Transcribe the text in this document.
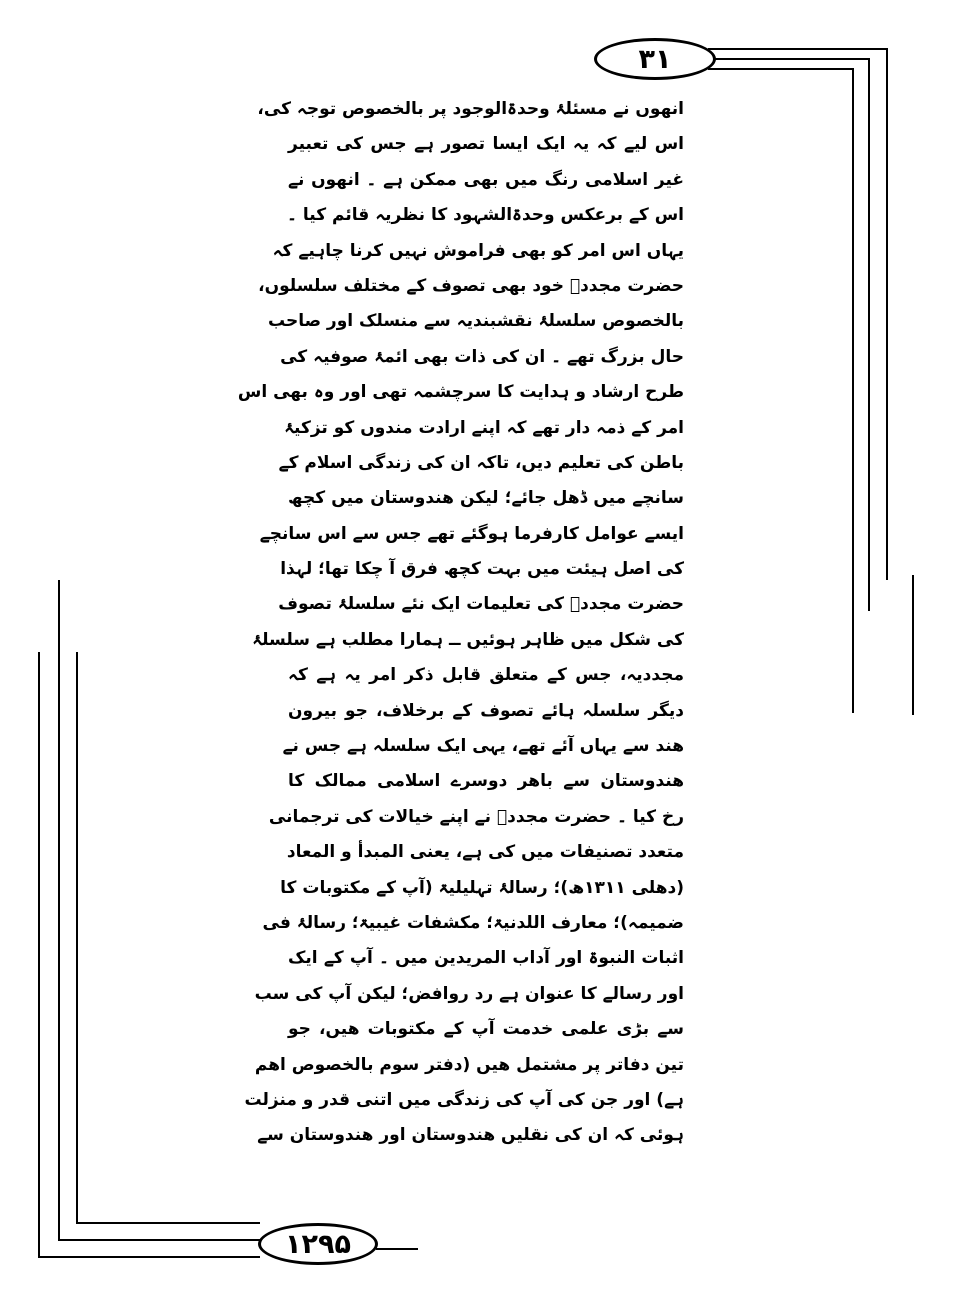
۳۱
۱۲۹۵
انھوں نے مسئلۂ وحدۃالوجود پر بالخصوص توجہ کی،
اس لیے کہ یہ ایک ایسا تصور ہے جس کی تعبیر
غیر اسلامی رنگ میں بھی ممکن ہے ۔ انھوں نے
اس کے برعکس وحدۃالشہود کا نظریہ قائم کیا ۔
یہاں اس امر کو بھی فراموش نہیں کرنا چاہیے کہ
حضرت مجددؒ خود بھی تصوف کے مختلف سلسلوں،
بالخصوص سلسلۂ نقشبندیہ سے منسلک اور صاحب
حال بزرگ تھے ۔ ان کی ذات بھی ائمۂ صوفیہ کی
طرح ارشاد و ہدایت کا سرچشمہ تھی اور وہ بھی اس
امر کے ذمہ دار تھے کہ اپنے ارادت مندوں کو تزکیۂ
باطن کی تعلیم دیں، تاکہ ان کی زندگی اسلام کے
سانچے میں ڈھل جائے؛ لیکن ھندوستان میں کچھ
ایسے عوامل کارفرما ہوگئے تھے جس سے اس سانچے
کی اصل ہیئت میں بہت کچھ فرق آ چکا تھا؛ لہذا
حضرت مجددؒ کی تعلیمات ایک نئے سلسلۂ تصوف
کی شکل میں ظاہر ہوئیں ــ ہمارا مطلب ہے سلسلۂ
مجددیہ، جس کے متعلق قابل ذکر امر یہ ہے کہ
دیگر سلسلہ ہائے تصوف کے برخلاف، جو بیرون
ھند سے یہاں آئے تھے، یہی ایک سلسلہ ہے جس نے
ھندوستان سے باھر دوسرے اسلامی ممالک کا
رخ کیا ۔ حضرت مجددؒ نے اپنے خیالات کی ترجمانی
متعدد تصنیفات میں کی ہے، یعنی المبدأ و المعاد
(دھلی ۱۳۱۱ھ)؛ رسالۂ تہلیلیۃ (آپ کے مکتوبات کا
ضمیمہ)؛ معارف اللدنیۃ؛ مکشفات غیبیۃ؛ رسالۂ فی
اثبات النبوۃ اور آداب المریدین میں ۔ آپ کے ایک
اور رسالے کا عنوان ہے رد روافض؛ لیکن آپ کی سب
سے بڑی علمی خدمت آپ کے مکتوبات ھیں، جو
تین دفاتر پر مشتمل ھیں (دفتر سوم بالخصوص اھم
ہے) اور جن کی آپ کی زندگی میں اتنی قدر و منزلت
ہوئی کہ ان کی نقلیں ھندوستان اور ھندوستان سے
